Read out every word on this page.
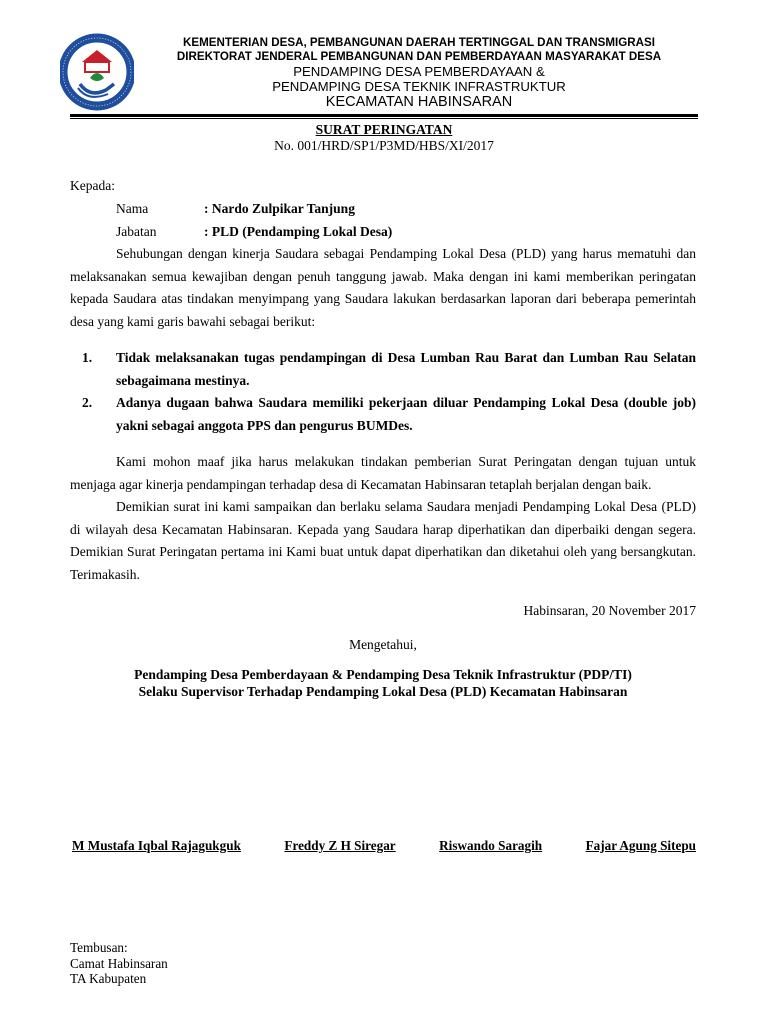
KEMENTERIAN DESA, PEMBANGUNAN DAERAH TERTINGGAL DAN TRANSMIGRASI
DIREKTORAT JENDERAL PEMBANGUNAN DAN PEMBERDAYAAN MASYARAKAT DESA
PENDAMPING DESA PEMBERDAYAAN &
PENDAMPING DESA TEKNIK INFRASTRUKTUR
KECAMATAN HABINSARAN
SURAT PERINGATAN
No. 001/HRD/SP1/P3MD/HBS/XI/2017
Kepada:
Nama	: Nardo Zulpikar Tanjung
Jabatan	: PLD (Pendamping Lokal Desa)

Sehubungan dengan kinerja Saudara sebagai Pendamping Lokal Desa (PLD) yang harus mematuhi dan melaksanakan semua kewajiban dengan penuh tanggung jawab. Maka dengan ini kami memberikan peringatan kepada Saudara atas tindakan menyimpang yang Saudara lakukan berdasarkan laporan dari beberapa pemerintah desa yang kami garis bawahi sebagai berikut:

1.	Tidak melaksanakan tugas pendampingan di Desa Lumban Rau Barat dan Lumban Rau Selatan sebagaimana mestinya.
2.	Adanya dugaan bahwa Saudara memiliki pekerjaan diluar Pendamping Lokal Desa (double job) yakni sebagai anggota PPS dan pengurus BUMDes.

Kami mohon maaf jika harus melakukan tindakan pemberian Surat Peringatan dengan tujuan untuk menjaga agar kinerja pendampingan terhadap desa di Kecamatan Habinsaran tetaplah berjalan dengan baik.

Demikian surat ini kami sampaikan dan berlaku selama Saudara menjadi Pendamping Lokal Desa (PLD) di wilayah desa Kecamatan Habinsaran. Kepada yang Saudara harap diperhatikan dan diperbaiki dengan segera. Demikian Surat Peringatan pertama ini Kami buat untuk dapat diperhatikan dan diketahui oleh yang bersangkutan. Terimakasih.

Habinsaran, 20 November 2017
Mengetahui,
Pendamping Desa Pemberdayaan & Pendamping Desa Teknik Infrastruktur (PDP/TI)
Selaku Supervisor Terhadap Pendamping Lokal Desa (PLD) Kecamatan Habinsaran
M Mustafa Iqbal Rajagukguk	Freddy Z H Siregar	Riswando Saragih	Fajar Agung Sitepu
Tembusan:
Camat Habinsaran
TA Kabupaten
